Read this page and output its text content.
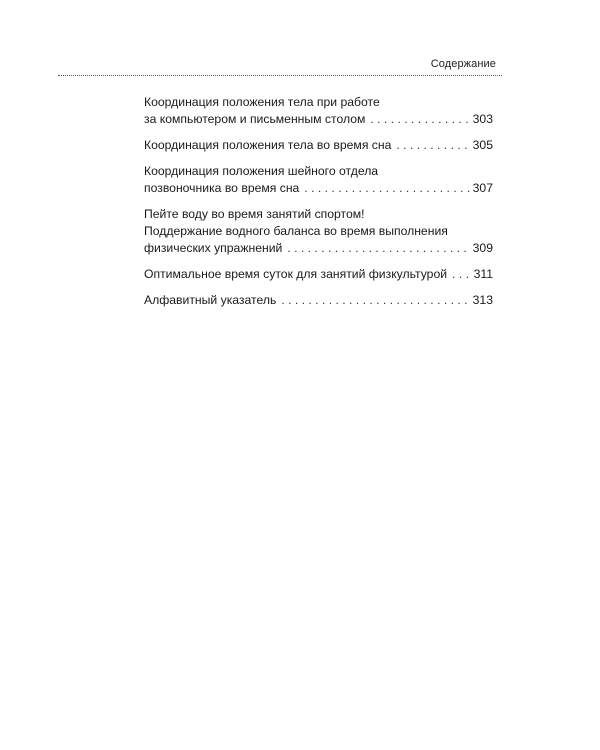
Содержание
Координация положения тела при работе
за компьютером и письменным столом . . .	303
Координация положения тела во время сна . . .	305
Координация положения шейного отдела
позвоночника во время сна . . .	307
Пейте воду во время занятий спортом!
Поддержание водного баланса во время выполнения
физических упражнений . . .	309
Оптимальное время суток для занятий физкультурой . . . 311
Алфавитный указатель . . .	313
